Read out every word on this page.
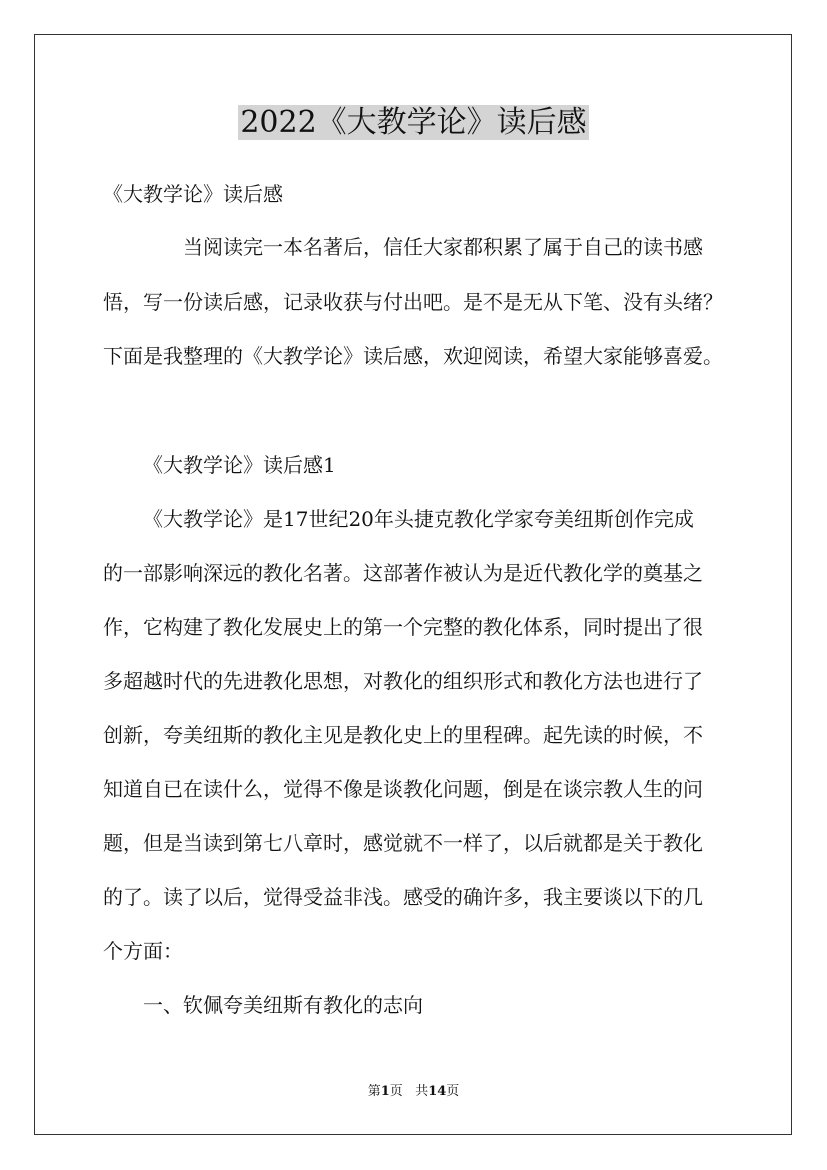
2022《大教学论》读后感
《大教学论》读后感
当阅读完一本名著后，信任大家都积累了属于自己的读书感
悟，写一份读后感，记录收获与付出吧。是不是无从下笔、没有头绪？
下面是我整理的《大教学论》读后感，欢迎阅读，希望大家能够喜爱。
《大教学论》读后感1
《大教学论》是17世纪20年头捷克教化学家夸美纽斯创作完成
的一部影响深远的教化名著。这部著作被认为是近代教化学的奠基之
作，它构建了教化发展史上的第一个完整的教化体系，同时提出了很
多超越时代的先进教化思想，对教化的组织形式和教化方法也进行了
创新，夸美纽斯的教化主见是教化史上的里程碑。起先读的时候，不
知道自已在读什么，觉得不像是谈教化问题，倒是在谈宗教人生的问
题，但是当读到第七八章时，感觉就不一样了，以后就都是关于教化
的了。读了以后，觉得受益非浅。感受的确许多，我主要谈以下的几
个方面：
一、钦佩夸美纽斯有教化的志向
第1页 共14页
